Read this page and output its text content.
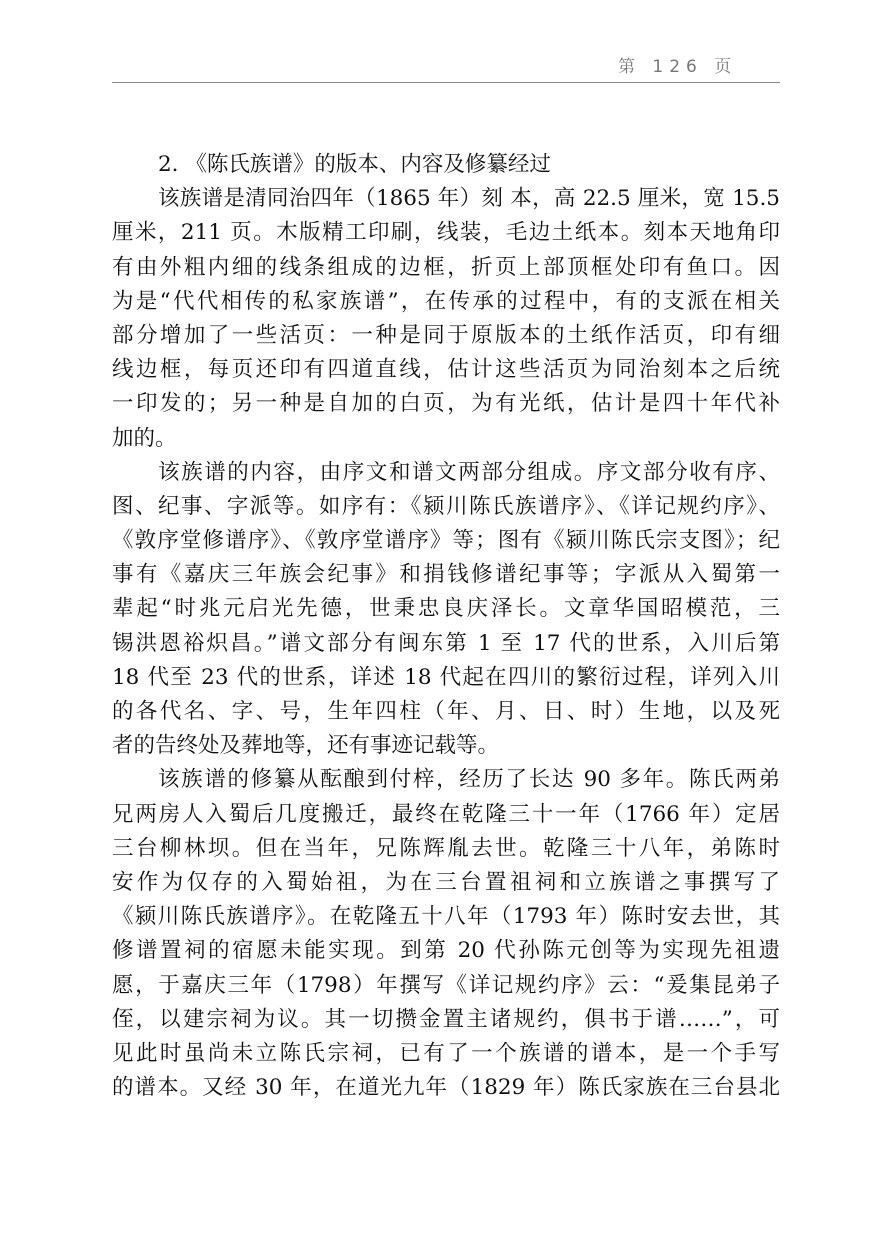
第 126 页
2. 《陈氏族谱》的版本、内容及修纂经过
该族谱是清同治四年（1865 年）刻 本，高 22.5 厘米，宽 15.5
厘米，211 页。木版精工印刷，线装，毛边土纸本。刻本天地角印
有由外粗内细的线条组成的边框，折页上部顶框处印有鱼口。因
为是“代代相传的私家族谱”，在传承的过程中，有的支派在相关
部分增加了一些活页：一种是同于原版本的土纸作活页，印有细
线边框，每页还印有四道直线，估计这些活页为同治刻本之后统
一印发的；另一种是自加的白页，为有光纸，估计是四十年代补
加的。
该族谱的内容，由序文和谱文两部分组成。序文部分收有序、
图、纪事、字派等。如序有：《颍川陈氏族谱序》、《详记规约序》、
《敦序堂修谱序》、《敦序堂谱序》等；图有《颍川陈氏宗支图》；纪
事有《嘉庆三年族会纪事》和捐钱修谱纪事等；字派从入蜀第一
辈起“时兆元启光先德，世秉忠良庆泽长。文章华国昭模范，三
锡洪恩裕炽昌。”谱文部分有闽东第 1 至 17 代的世系，入川后第
18 代至 23 代的世系，详述 18 代起在四川的繁衍过程，详列入川
的各代名、字、号，生年四柱（年、月、日、时）生地，以及死
者的告终处及葬地等，还有事迹记载等。
该族谱的修纂从酝酿到付梓，经历了长达 90 多年。陈氏两弟
兄两房人入蜀后几度搬迁，最终在乾隆三十一年（1766 年）定居
三台柳林坝。但在当年，兄陈辉胤去世。乾隆三十八年，弟陈时
安作为仅存的入蜀始祖，为在三台置祖祠和立族谱之事撰写了
《颍川陈氏族谱序》。在乾隆五十八年（1793 年）陈时安去世，其
修谱置祠的宿愿未能实现。到第 20 代孙陈元创等为实现先祖遗
愿，于嘉庆三年（1798）年撰写《详记规约序》云：“爰集昆弟子
侄，以建宗祠为议。其一切攒金置主诸规约，俱书于谱……”，可
见此时虽尚未立陈氏宗祠，已有了一个族谱的谱本，是一个手写
的谱本。又经 30 年，在道光九年（1829 年）陈氏家族在三台县北
